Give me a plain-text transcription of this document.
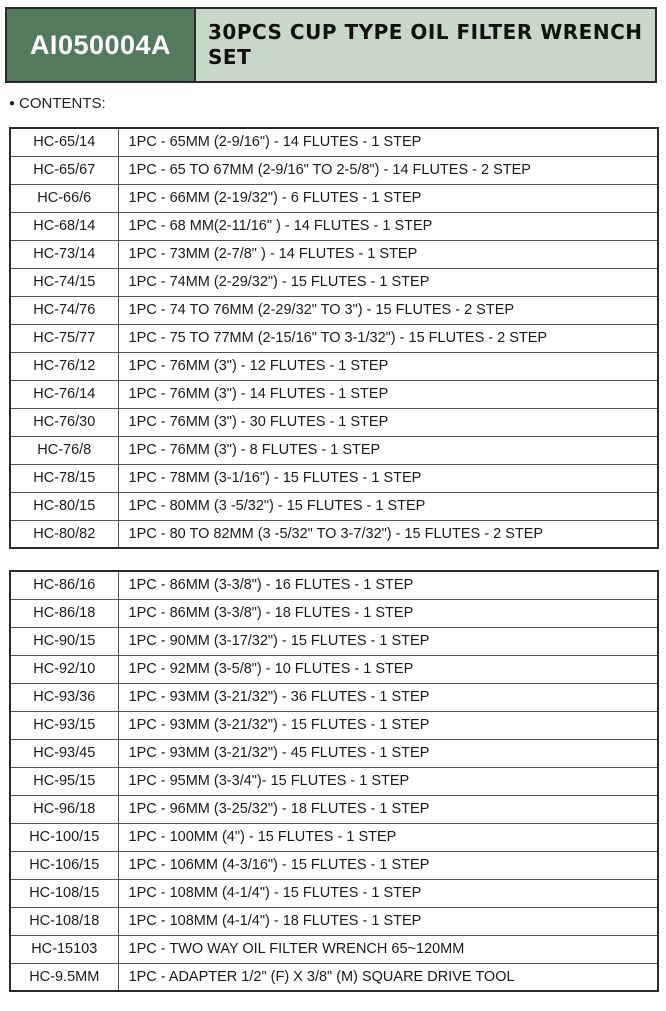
AI050004A 30PCS CUP TYPE OIL FILTER WRENCH
SET
● CONTENTS:
HC-65/14	1PC - 65MM (2-9/16") - 14 FLUTES - 1 STEP
HC-65/67	1PC - 65 TO 67MM (2-9/16" TO 2-5/8") - 14 FLUTES - 2 STEP
HC-66/6	1PC - 66MM (2-19/32") - 6 FLUTES - 1 STEP
HC-68/14	1PC - 68 MM(2-11/16" ) - 14 FLUTES - 1 STEP
HC-73/14	1PC - 73MM (2-7/8" ) - 14 FLUTES - 1 STEP
HC-74/15	1PC - 74MM (2-29/32") - 15 FLUTES - 1 STEP
HC-74/76	1PC - 74 TO 76MM (2-29/32" TO 3") - 15 FLUTES - 2 STEP
HC-75/77	1PC - 75 TO 77MM (2-15/16" TO 3-1/32") - 15 FLUTES - 2 STEP
HC-76/12	1PC - 76MM (3") - 12 FLUTES - 1 STEP
HC-76/14	1PC - 76MM (3") - 14 FLUTES - 1 STEP
HC-76/30	1PC - 76MM (3") - 30 FLUTES - 1 STEP
HC-76/8	1PC - 76MM (3") - 8 FLUTES - 1 STEP
HC-78/15	1PC - 78MM (3-1/16") - 15 FLUTES - 1 STEP
HC-80/15	1PC - 80MM (3 -5/32") - 15 FLUTES - 1 STEP
HC-80/82	1PC - 80 TO 82MM (3 -5/32" TO 3-7/32") - 15 FLUTES - 2 STEP
HC-86/16	1PC - 86MM (3-3/8") - 16 FLUTES - 1 STEP
HC-86/18	1PC - 86MM (3-3/8") - 18 FLUTES - 1 STEP
HC-90/15	1PC - 90MM (3-17/32") - 15 FLUTES - 1 STEP
HC-92/10	1PC - 92MM (3-5/8") - 10 FLUTES - 1 STEP
HC-93/36	1PC - 93MM (3-21/32") - 36 FLUTES - 1 STEP
HC-93/15	1PC - 93MM (3-21/32") - 15 FLUTES - 1 STEP
HC-93/45	1PC - 93MM (3-21/32") - 45 FLUTES - 1 STEP
HC-95/15	1PC - 95MM (3-3/4")- 15 FLUTES - 1 STEP
HC-96/18	1PC - 96MM (3-25/32") - 18 FLUTES - 1 STEP
HC-100/15	1PC - 100MM (4") - 15 FLUTES - 1 STEP
HC-106/15	1PC - 106MM (4-3/16") - 15 FLUTES - 1 STEP
HC-108/15	1PC - 108MM (4-1/4") - 15 FLUTES - 1 STEP
HC-108/18	1PC - 108MM (4-1/4") - 18 FLUTES - 1 STEP
HC-15103	1PC - TWO WAY OIL FILTER WRENCH 65~120MM
HC-9.5MM	1PC - ADAPTER 1/2" (F) X 3/8" (M) SQUARE DRIVE TOOL
